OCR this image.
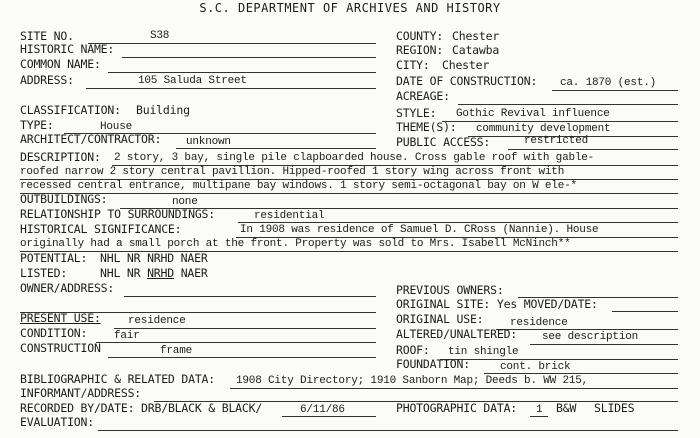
S.C. DEPARTMENT OF ARCHIVES AND HISTORY
SITE NO.	S38
HISTORIC NAME:
COMMON NAME:
ADDRESS:	105 Saluda Street
COUNTY: Chester
REGION: Catawba
CITY: Chester
DATE OF CONSTRUCTION: ca. 1870 (est.)
ACREAGE:
CLASSIFICATION: Building	STYLE: Gothic Revival influence
TYPE:	House	THEME(S): community development
ARCHITECT/CONTRACTOR: unknown	PUBLIC ACCESS:	restricted
DESCRIPTION: 2 story, 3 bay, single pile clapboarded house. Cross gable roof with gable-
roofed narrow 2 story central pavillion. Hipped-roofed 1 story wing across front with
recessed central entrance, multipane bay windows. 1 story semi-octagonal bay on W ele-*
OUTBUILDINGS:	none
RELATIONSHIP TO SURROUNDINGS:	residential
HISTORICAL SIGNIFICANCE:	In 1908 was residence of Samuel D. CRoss (Nannie). House
originally had a small porch at the front. Property was sold to Mrs. Isabell McNinch**
POTENTIAL: NHL NR NRHD NAER
LISTED:	NHL NR NRHD NAER
OWNER/ADDRESS:	PREVIOUS OWNERS:
ORIGINAL SITE: Yes MOVED/DATE:
PRESENT USE: residence	ORIGINAL USE: residence
CONDITION: fair	ALTERED/UNALTERED: see description
CONSTRUCTION	frame	ROOF: tin shingle
FOUNDATION:	cont. brick
BIBLIOGRAPHIC & RELATED DATA: 1908 City Directory; 1910 Sanborn Map; Deeds b. WW 215,
INFORMANT/ADDRESS:
RECORDED BY/DATE: DRB/BLACK & BLACK/	6/11/86	PHOTOGRAPHIC DATA: 1 B&W SLIDES
EVALUATION:
